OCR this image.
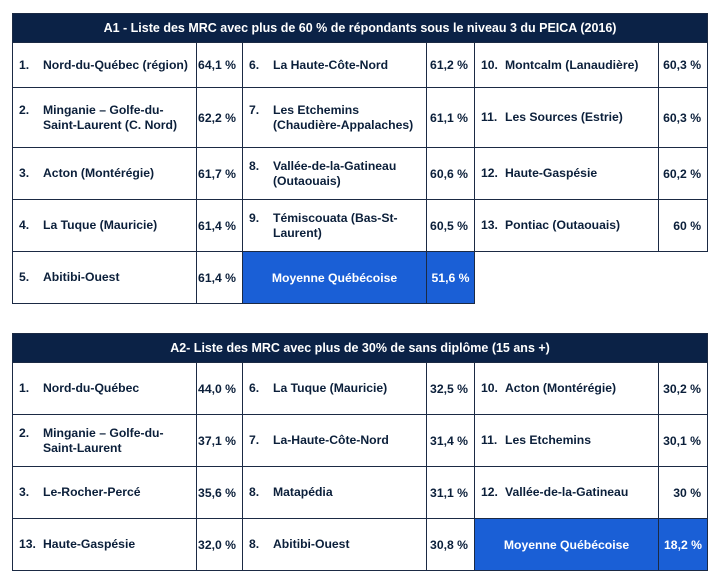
A1 - Liste des MRC avec plus de 60 % de répondants sous le niveau 3 du PEICA (2016)					

1. Nord-du-Québec (région)	64,1 %	6. La Haute-Côte-Nord	61,2 %	10. Montcalm (Lanaudière)	60,3 %

2. Minganie – Golfe-du-Saint-Laurent (C. Nord)	62,2 %	7. Les Etchemins (Chaudière-Appalaches)	61,1 %	11. Les Sources (Estrie)	60,3 %

3. Acton (Montérégie)	61,7 %	8. Vallée-de-la-Gatineau (Outaouais)	60,6 %	12. Haute-Gaspésie	60,2 %

4. La Tuque (Mauricie)	61,4 %	9. Témiscouata (Bas-St-Laurent)	60,5 %	13. Pontiac (Outaouais)	60 %

5. Abitibi-Ouest	61,4 %	Moyenne Québécoise	51,6 %		
A2- Liste des MRC avec plus de 30% de sans diplôme (15 ans +)					

1. Nord-du-Québec	44,0 %	6. La Tuque (Mauricie)	32,5 %	10. Acton (Montérégie)	30,2 %

2. Minganie – Golfe-du-Saint-Laurent	37,1 %	7. La-Haute-Côte-Nord	31,4 %	11. Les Etchemins	30,1 %

3. Le-Rocher-Percé	35,6 %	8. Matapédia	31,1 %	12. Vallée-de-la-Gatineau	30 %

13. Haute-Gaspésie	32,0 %	8. Abitibi-Ouest	30,8 %	Moyenne Québécoise	18,2 %
